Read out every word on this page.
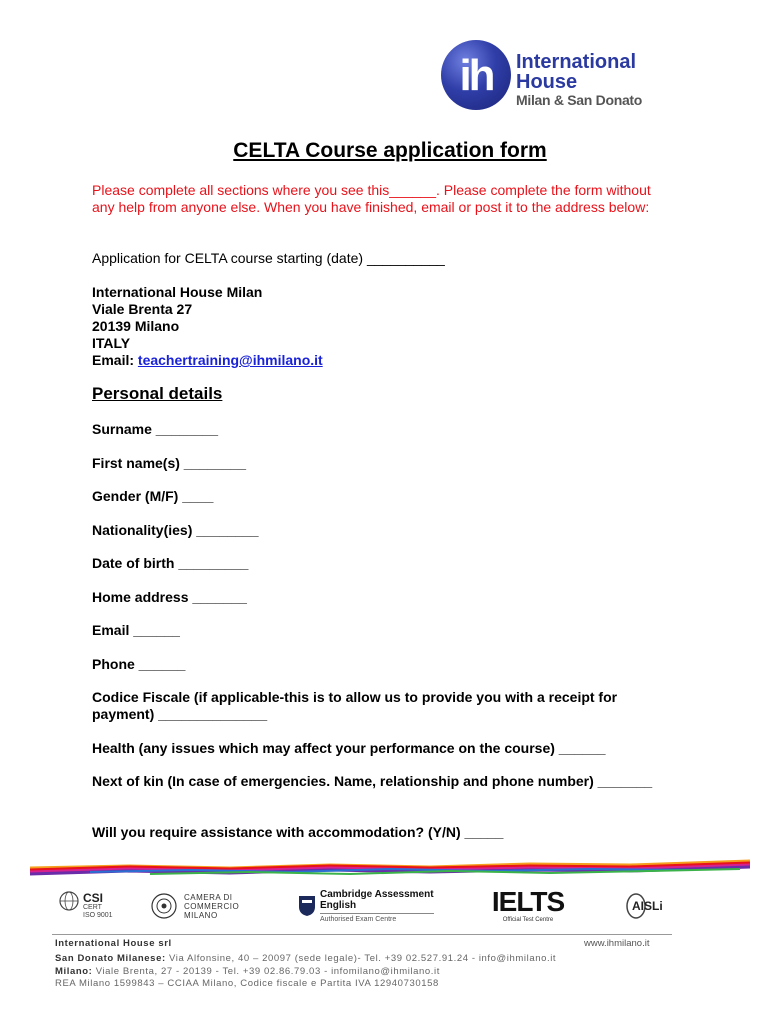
ih	International
House
Milan & San Donato
CELTA Course application form
Please complete all sections where you see this______. Please complete the form without any help from anyone else. When you have finished, email or post it to the address below:
Application for CELTA course starting (date) __________
International House Milan
Viale Brenta 27
20139 Milano
ITALY
Email: teachertraining@ihmilano.it
Personal details
Surname ________
First name(s) ________
Gender (M/F) ____
Nationality(ies) ________
Date of birth _________
Home address _______
Email ______
Phone ______
Codice Fiscale (if applicable-this is to allow us to provide you with a receipt for payment) ______________
Health (any issues which may affect your performance on the course) ______
Next of kin (In case of emergencies. Name, relationship and phone number) _______
Will you require assistance with accommodation? (Y/N) _____
CSI
CERT
ISO 9001
CAMERA DI
COMMERCIO
MILANO
Cambridge Assessment
English
Authorised Exam Centre
IELTS
Official Test Centre
AISLi
International House srl	www.ihmilano.it
San Donato Milanese: Via Alfonsine, 40 – 20097 (sede legale)- Tel. +39 02.527.91.24 - info@ihmilano.it
Milano: Viale Brenta, 27 - 20139 - Tel. +39 02.86.79.03 - infomilano@ihmilano.it
REA Milano 1599843 – CCIAA Milano, Codice fiscale e Partita IVA 12940730158
